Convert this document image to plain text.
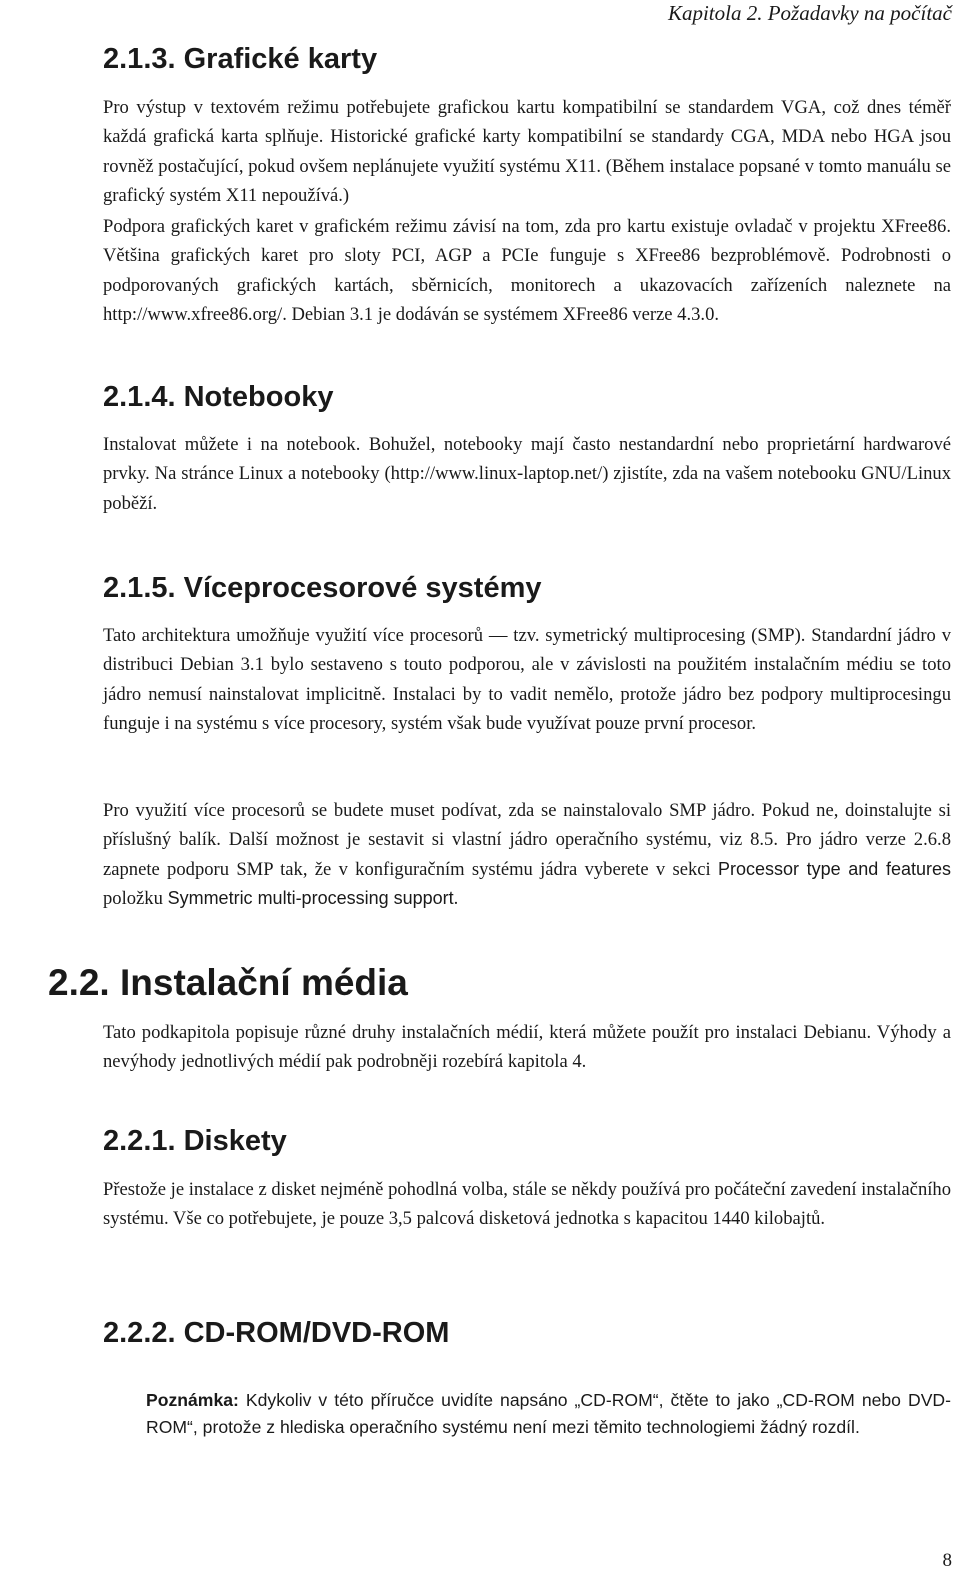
Kapitola 2. Požadavky na počítač
2.1.3. Grafické karty

Pro výstup v textovém režimu potřebujete grafickou kartu kompatibilní se standardem VGA, což dnes téměř každá grafická karta splňuje. Historické grafické karty kompatibilní se standardy CGA, MDA nebo HGA jsou rovněž postačující, pokud ovšem neplánujete využití systému X11. (Během instalace popsané v tomto manuálu se grafický systém X11 nepoužívá.)

Podpora grafických karet v grafickém režimu závisí na tom, zda pro kartu existuje ovladač v projektu XFree86. Většina grafických karet pro sloty PCI, AGP a PCIe funguje s XFree86 bezproblémově. Podrobnosti o podporovaných grafických kartách, sběrnicích, monitorech a ukazovacích zařízeních naleznete na http://www.xfree86.org/. Debian 3.1 je dodáván se systémem XFree86 verze 4.3.0.

2.1.4. Notebooky

Instalovat můžete i na notebook. Bohužel, notebooky mají často nestandardní nebo proprietární hardwarové prvky. Na stránce Linux a notebooky (http://www.linux-laptop.net/) zjistíte, zda na vašem notebooku GNU/Linux poběží.

2.1.5. Víceprocesorové systémy

Tato architektura umožňuje využití více procesorů — tzv. symetrický multiprocesing (SMP). Standardní jádro v distribuci Debian 3.1 bylo sestaveno s touto podporou, ale v závislosti na použitém instalačním médiu se toto jádro nemusí nainstalovat implicitně. Instalaci by to vadit nemělo, protože jádro bez podpory multiprocesingu funguje i na systému s více procesory, systém však bude využívat pouze první procesor.

Pro využití více procesorů se budete muset podívat, zda se nainstalovalo SMP jádro. Pokud ne, doinstalujte si příslušný balík. Další možnost je sestavit si vlastní jádro operačního systému, viz 8.5. Pro jádro verze 2.6.8 zapnete podporu SMP tak, že v konfiguračním systému jádra vyberete v sekci Processor type and features položku Symmetric multi-processing support.

2.2. Instalační média

Tato podkapitola popisuje různé druhy instalačních médií, která můžete použít pro instalaci Debianu. Výhody a nevýhody jednotlivých médií pak podrobněji rozebírá kapitola 4.

2.2.1. Diskety

Přestože je instalace z disket nejméně pohodlná volba, stále se někdy používá pro počáteční zavedení instalačního systému. Vše co potřebujete, je pouze 3,5 palcová disketová jednotka s kapacitou 1440 kilobajtů.

2.2.2. CD-ROM/DVD-ROM

Poznámka: Kdykoliv v této příručce uvidíte napsáno „CD-ROM“, čtěte to jako „CD-ROM nebo DVD-ROM“, protože z hlediska operačního systému není mezi těmito technologiemi žádný rozdíl.

8
